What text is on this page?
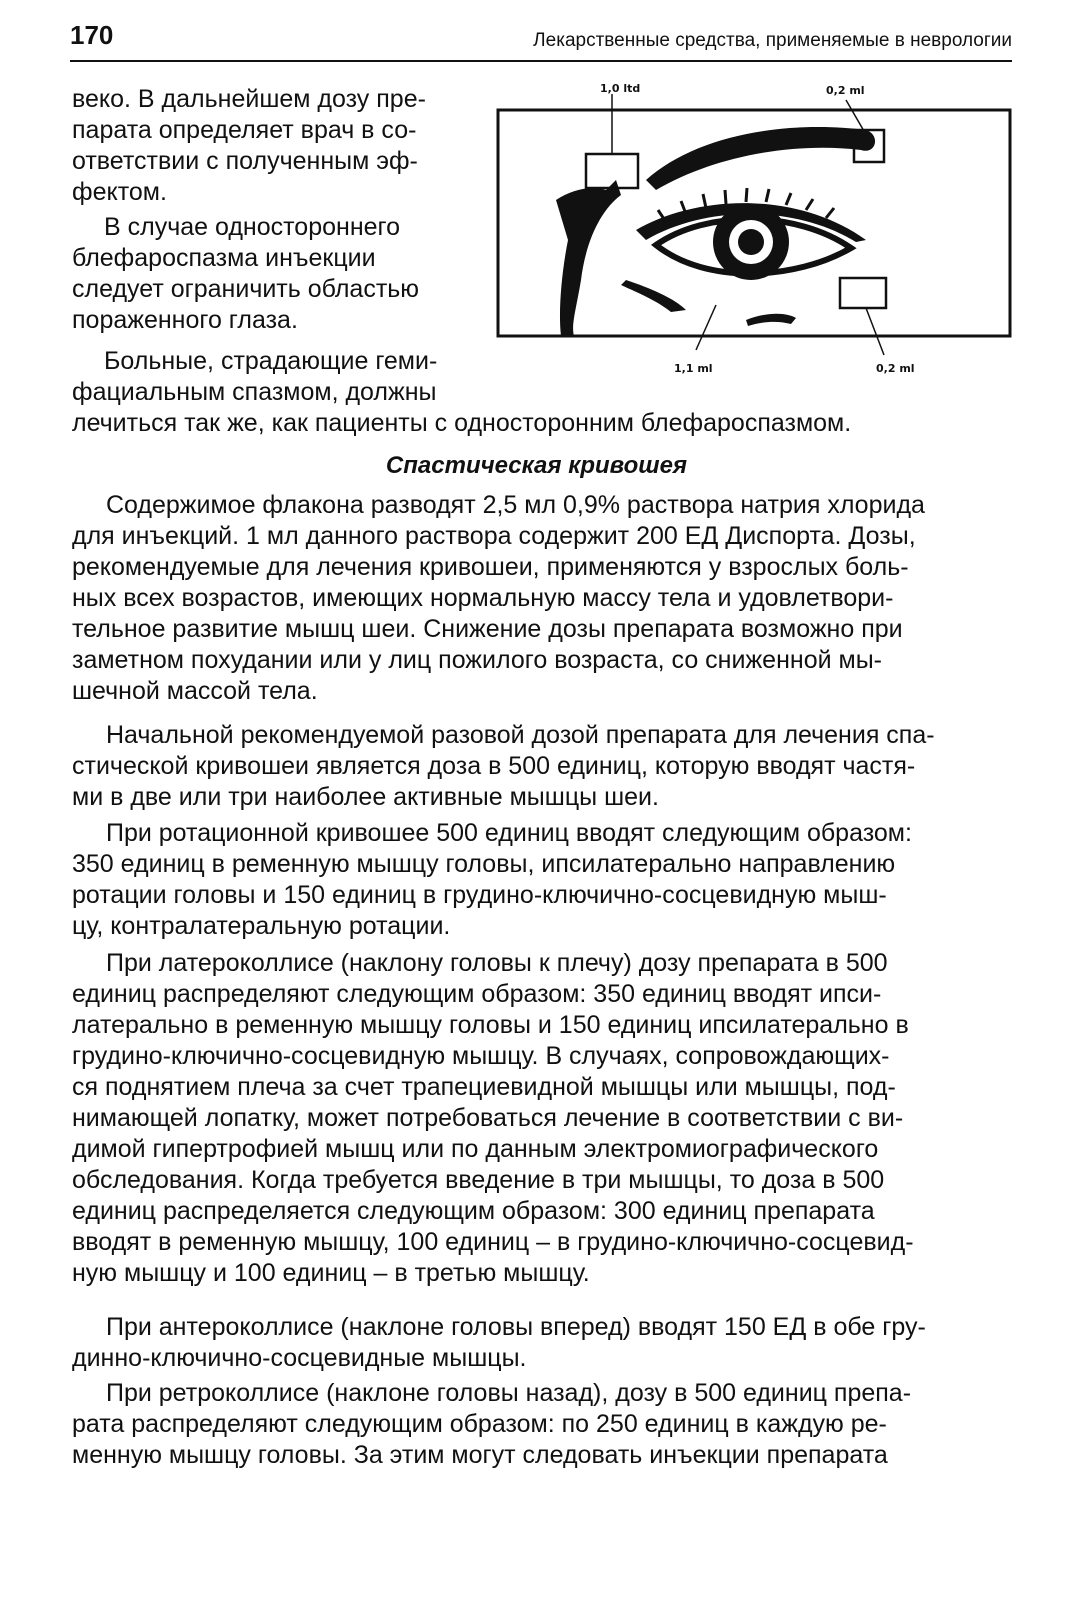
170	Лекарственные средства, применяемые в неврологии
веко. В дальнейшем дозу пре-
парата определяет врач в со-
ответствии с полученным эф-
фектом.
В случае одностороннего
блефароспазма инъекции
следует ограничить областью
пораженного глаза.
Больные, страдающие геми-
фациальным спазмом, должны
лечиться так же, как пациенты с односторонним блефароспазмом.
1,0 ltd	0,2 ml
1,1 ml	0,2 ml
Спастическая кривошея
Содержимое флакона разводят 2,5 мл 0,9% раствора натрия хлорида
для инъекций. 1 мл данного раствора содержит 200 ЕД Диспорта. Дозы,
рекомендуемые для лечения кривошеи, применяются у взрослых боль-
ных всех возрастов, имеющих нормальную массу тела и удовлетвори-
тельное развитие мышц шеи. Снижение дозы препарата возможно при
заметном похудании или у лиц пожилого возраста, со сниженной мы-
шечной массой тела.
Начальной рекомендуемой разовой дозой препарата для лечения спа-
стической кривошеи является доза в 500 единиц, которую вводят частя-
ми в две или три наиболее активные мышцы шеи.
При ротационной кривошее 500 единиц вводят следующим образом:
350 единиц в ременную мышцу головы, ипсилатерально направлению
ротации головы и 150 единиц в грудино-ключично-сосцевидную мыш-
цу, контралатеральную ротации.
При латероколлисе (наклону головы к плечу) дозу препарата в 500
единиц распределяют следующим образом: 350 единиц вводят ипси-
латерально в ременную мышцу головы и 150 единиц ипсилатерально в
грудино-ключично-сосцевидную мышцу. В случаях, сопровождающих-
ся поднятием плеча за счет трапециевидной мышцы или мышцы, под-
нимающей лопатку, может потребоваться лечение в соответствии с ви-
димой гипертрофией мышц или по данным электромиографического
обследования. Когда требуется введение в три мышцы, то доза в 500
единиц распределяется следующим образом: 300 единиц препарата
вводят в ременную мышцу, 100 единиц – в грудино-ключично-сосцевид-
ную мышцу и 100 единиц – в третью мышцу.
При антероколлисе (наклоне головы вперед) вводят 150 ЕД в обе гру-
динно-ключично-сосцевидные мышцы.
При ретроколлисе (наклоне головы назад), дозу в 500 единиц препа-
рата распределяют следующим образом: по 250 единиц в каждую ре-
менную мышцу головы. За этим могут следовать инъекции препарата
